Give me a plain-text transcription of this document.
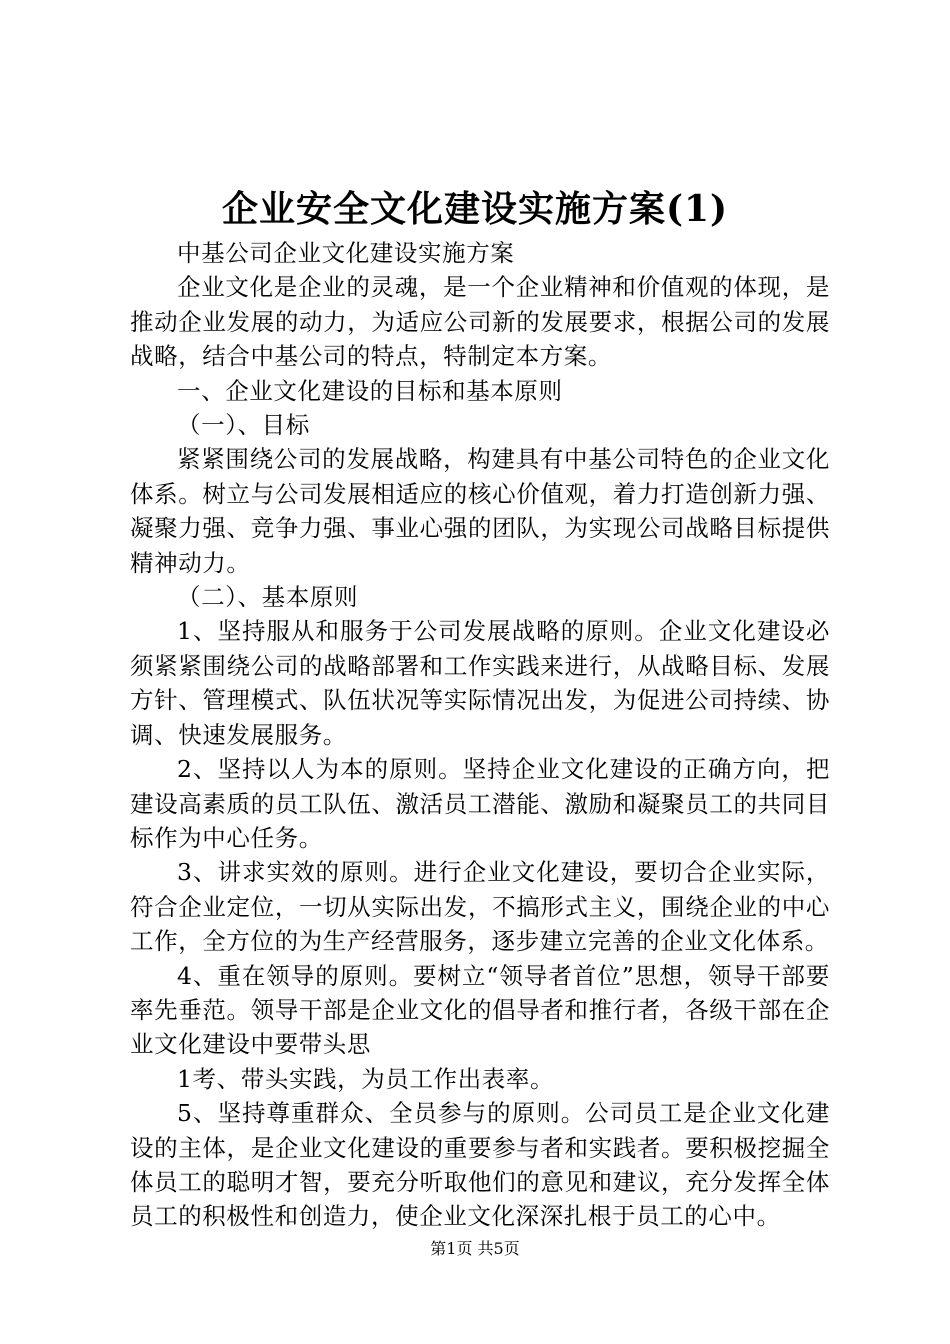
企业安全文化建设实施方案(1)

中基公司企业文化建设实施方案

企业文化是企业的灵魂，是一个企业精神和价值观的体现，是推动企业发展的动力，为适应公司新的发展要求，根据公司的发展战略，结合中基公司的特点，特制定本方案。

一、企业文化建设的目标和基本原则

（一）、目标

紧紧围绕公司的发展战略，构建具有中基公司特色的企业文化体系。树立与公司发展相适应的核心价值观，着力打造创新力强、凝聚力强、竞争力强、事业心强的团队，为实现公司战略目标提供精神动力。

（二）、基本原则

1、坚持服从和服务于公司发展战略的原则。企业文化建设必须紧紧围绕公司的战略部署和工作实践来进行，从战略目标、发展方针、管理模式、队伍状况等实际情况出发，为促进公司持续、协调、快速发展服务。

2、坚持以人为本的原则。坚持企业文化建设的正确方向，把建设高素质的员工队伍、激活员工潜能、激励和凝聚员工的共同目标作为中心任务。

3、讲求实效的原则。进行企业文化建设，要切合企业实际，符合企业定位，一切从实际出发，不搞形式主义，围绕企业的中心工作，全方位的为生产经营服务，逐步建立完善的企业文化体系。

4、重在领导的原则。要树立“领导者首位”思想，领导干部要率先垂范。领导干部是企业文化的倡导者和推行者，各级干部在企业文化建设中要带头思

1考、带头实践，为员工作出表率。

5、坚持尊重群众、全员参与的原则。公司员工是企业文化建设的主体，是企业文化建设的重要参与者和实践者。要积极挖掘全体员工的聪明才智，要充分听取他们的意见和建议，充分发挥全体员工的积极性和创造力，使企业文化深深扎根于员工的心中。

第1页 共5页
